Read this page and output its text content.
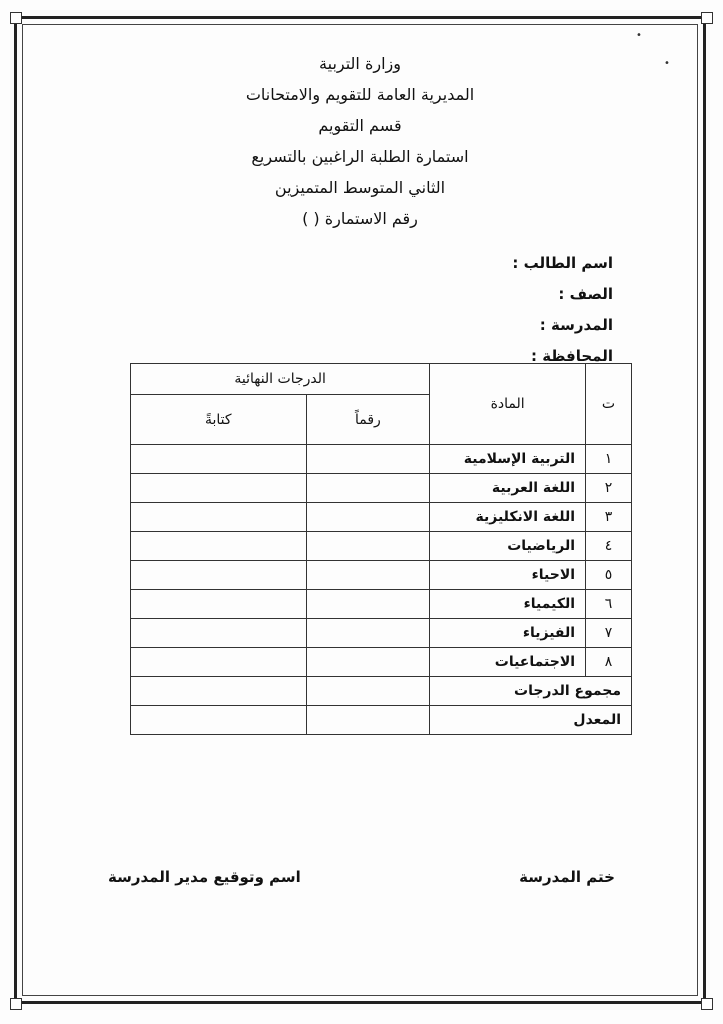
•
•
وزارة التربية
المديرية العامة للتقويم والامتحانات
قسم التقويم
استمارة الطلبة الراغبين بالتسريع
الثاني المتوسط المتميزين
رقم الاستمارة ( )
اسم الطالب :
الصف :
المدرسة :
المحافظة :
ت	المادة	الدرجات النهائية	
		رقماً	كتابةً
١	التربية الإسلامية		
٢	اللغة العربية		
٣	اللغة الانكليزية		
٤	الرياضيات		
٥	الاحياء		
٦	الكيمياء		
٧	الفيزياء		
٨	الاجتماعيات		
مجموع الدرجات			
المعدل			
ختم المدرسة
اسم وتوقيع مدير المدرسة
